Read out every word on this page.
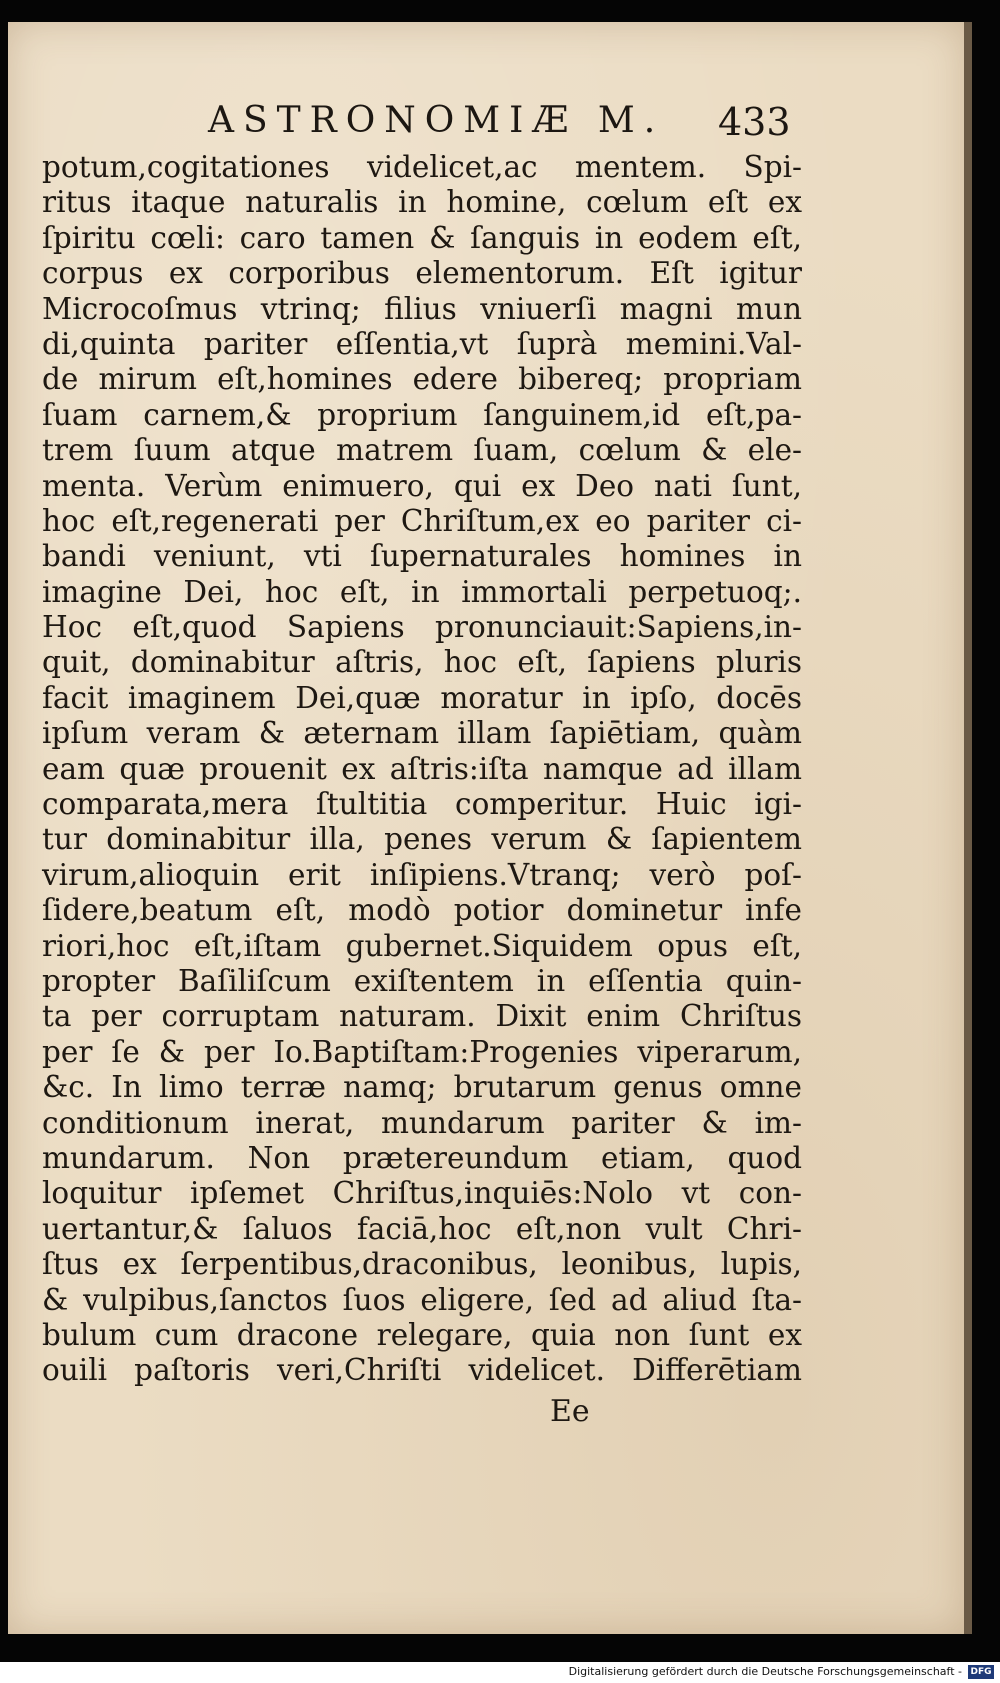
ASTRONOMIÆ M. 433
potum,cogitationes videlicet,ac mentem. Spi-
ritus itaque naturalis in homine, cœlum eſt ex
ſpiritu cœli: caro tamen & ſanguis in eodem eſt,
corpus ex corporibus elementorum. Eſt igitur
Microcoſmus vtrinq; filius vniuerſi magni mun
di,quinta pariter eſſentia,vt ſuprà memini.Val-
de mirum eſt,homines edere bibereq; propriam
ſuam carnem,& proprium ſanguinem,id eſt,pa-
trem ſuum atque matrem ſuam, cœlum & ele-
menta. Verùm enimuero, qui ex Deo nati ſunt,
hoc eſt,regenerati per Chriſtum,ex eo pariter ci-
bandi veniunt, vti ſupernaturales homines in
imagine Dei, hoc eſt, in immortali perpetuoq;.
Hoc eſt,quod Sapiens pronunciauit:Sapiens,in-
quit, dominabitur aſtris, hoc eſt, ſapiens pluris
facit imaginem Dei,quæ moratur in ipſo, docēs
ipſum veram & æternam illam ſapiētiam, quàm
eam quæ prouenit ex aſtris:iſta namque ad illam
comparata,mera ſtultitia comperitur. Huic igi-
tur dominabitur illa, penes verum & ſapientem
virum,alioquin erit inſipiens.Vtranq; verò poſ-
ſidere,beatum eſt, modò potior dominetur infe
riori,hoc eſt,iſtam gubernet.Siquidem opus eſt,
propter Baſiliſcum exiſtentem in eſſentia quin-
ta per corruptam naturam. Dixit enim Chriſtus
per ſe & per Io.Baptiſtam:Progenies viperarum,
&c. In limo terræ namq; brutarum genus omne
conditionum inerat, mundarum pariter & im-
mundarum. Non prætereundum etiam, quod
loquitur ipſemet Chriſtus,inquiēs:Nolo vt con-
uertantur,& ſaluos faciā,hoc eſt,non vult Chri-
ſtus ex ſerpentibus,draconibus, leonibus, lupis,
& vulpibus,ſanctos ſuos eligere, ſed ad aliud ſta-
bulum cum dracone relegare, quia non ſunt ex
ouili paſtoris veri,Chriſti videlicet. Differētiam
Ee
Digitalisierung gefördert durch die Deutsche Forschungsgemeinschaft - DFG
